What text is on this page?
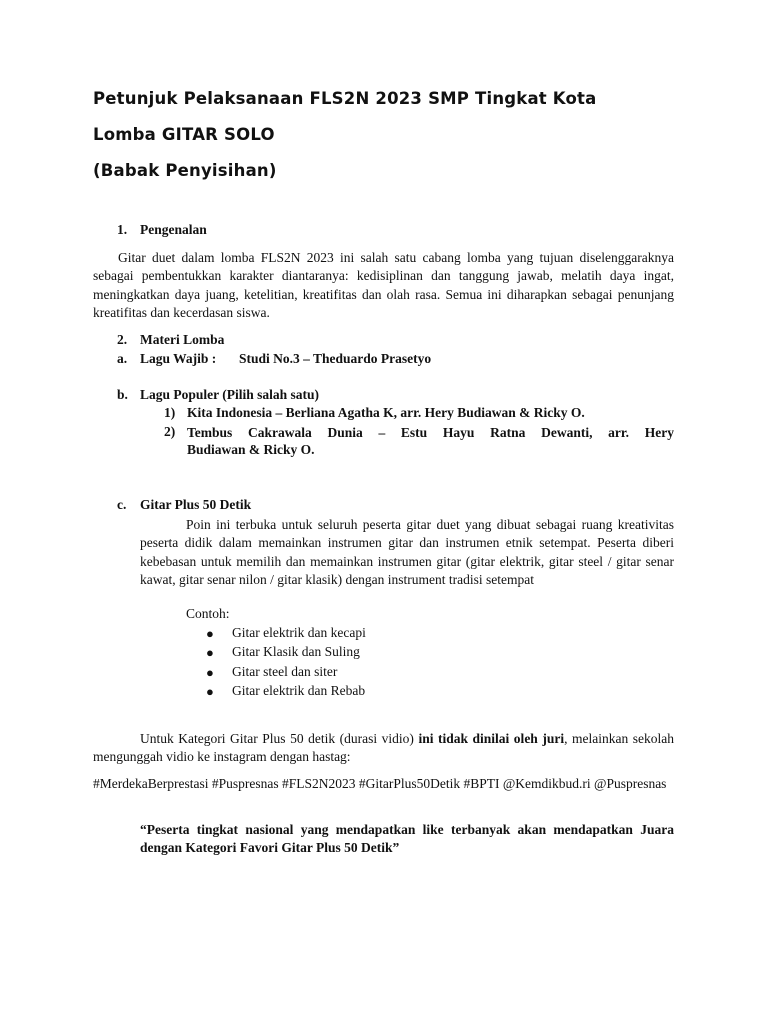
Petunjuk Pelaksanaan FLS2N 2023 SMP Tingkat Kota
Lomba GITAR SOLO
(Babak Penyisihan)
1. Pengenalan
Gitar duet dalam lomba FLS2N 2023 ini salah satu cabang lomba yang tujuan diselenggaraknya sebagai pembentukkan karakter diantaranya: kedisiplinan dan tanggung jawab, melatih daya ingat, meningkatkan daya juang, ketelitian, kreatifitas dan olah rasa. Semua ini diharapkan sebagai penunjang kreatifitas dan kecerdasan siswa.
2. Materi Lomba
a. Lagu Wajib : Studi No.3 – Theduardo Prasetyo
b. Lagu Populer (Pilih salah satu)
1) Kita Indonesia – Berliana Agatha K, arr. Hery Budiawan & Ricky O.
2) Tembus Cakrawala Dunia – Estu Hayu Ratna Dewanti, arr. Hery
Budiawan & Ricky O.
c. Gitar Plus 50 Detik
Poin ini terbuka untuk seluruh peserta gitar duet yang dibuat sebagai ruang kreativitas peserta didik dalam memainkan instrumen gitar dan instrumen etnik setempat. Peserta diberi kebebasan untuk memilih dan memainkan instrumen gitar (gitar elektrik, gitar steel / gitar senar kawat, gitar senar nilon / gitar klasik) dengan instrument tradisi setempat
Contoh:
● Gitar elektrik dan kecapi
● Gitar Klasik dan Suling
● Gitar steel dan siter
● Gitar elektrik dan Rebab
Untuk Kategori Gitar Plus 50 detik (durasi vidio) ini tidak dinilai oleh juri, melainkan sekolah mengunggah vidio ke instagram dengan hastag:
#MerdekaBerprestasi #Puspresnas #FLS2N2023 #GitarPlus50Detik #BPTI @Kemdikbud.ri @Puspresnas
“Peserta tingkat nasional yang mendapatkan like terbanyak akan mendapatkan Juara dengan Kategori Favori Gitar Plus 50 Detik”
